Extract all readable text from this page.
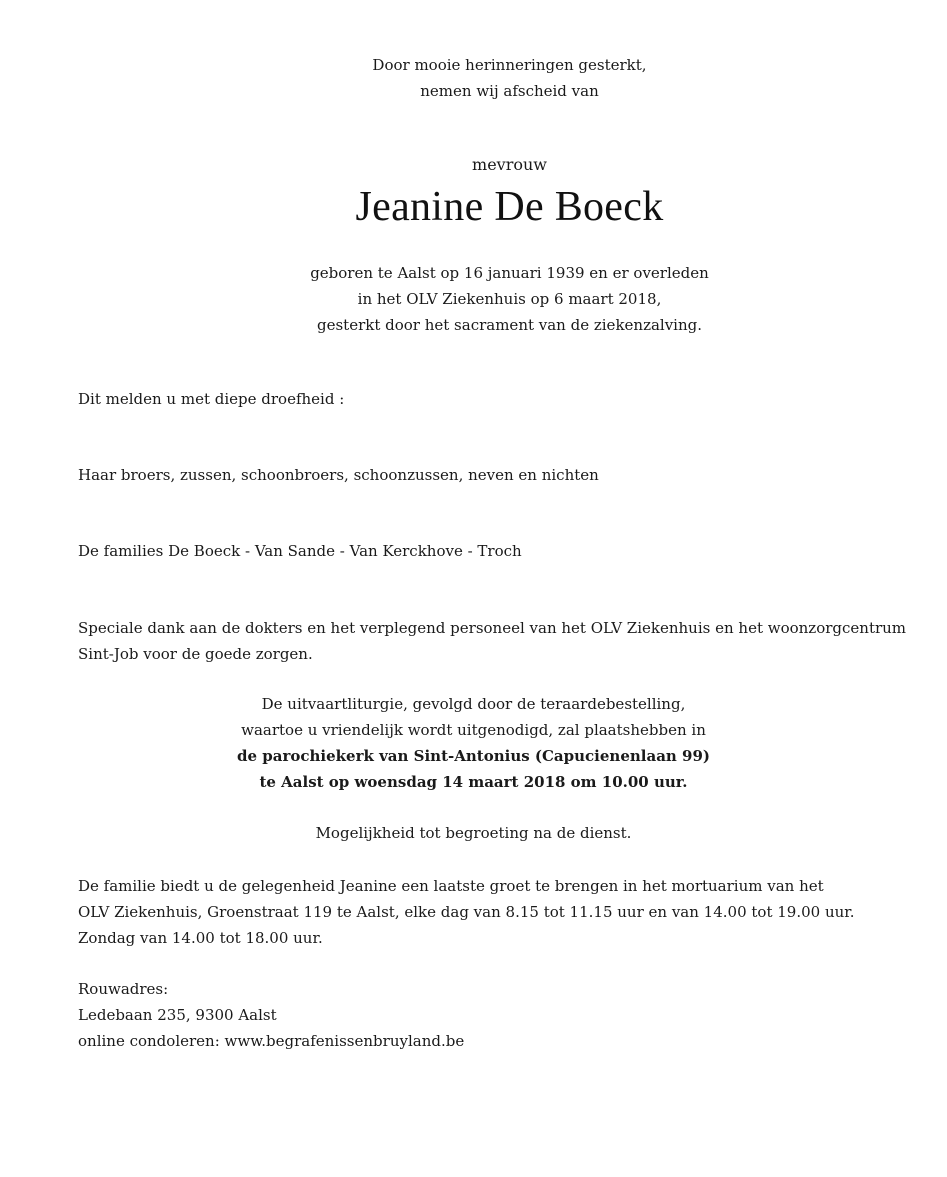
Door mooie herinneringen gesterkt,
nemen wij afscheid van
mevrouw
Jeanine De Boeck
geboren te Aalst op 16 januari 1939 en er overleden
in het OLV Ziekenhuis op 6 maart 2018,
gesterkt door het sacrament van de ziekenzalving.
Dit melden u met diepe droefheid :
Haar broers, zussen, schoonbroers, schoonzussen, neven en nichten
De families De Boeck - Van Sande - Van Kerckhove - Troch
Speciale dank aan de dokters en het verplegend personeel van het OLV Ziekenhuis en het woonzorgcentrum
Sint-Job voor de goede zorgen.
De uitvaartliturgie, gevolgd door de teraardebestelling,
waartoe u vriendelijk wordt uitgenodigd, zal plaatshebben in
de parochiekerk van Sint-Antonius (Capucienenlaan 99)
te Aalst op woensdag 14 maart 2018 om 10.00 uur.
Mogelijkheid tot begroeting na de dienst.
De familie biedt u de gelegenheid Jeanine een laatste groet te brengen in het mortuarium van het
OLV Ziekenhuis, Groenstraat 119 te Aalst, elke dag van 8.15 tot 11.15 uur en van 14.00 tot 19.00 uur.
Zondag van 14.00 tot 18.00 uur.
Rouwadres:
Ledebaan 235, 9300 Aalst
online condoleren: www.begrafenissenbruyland.be
